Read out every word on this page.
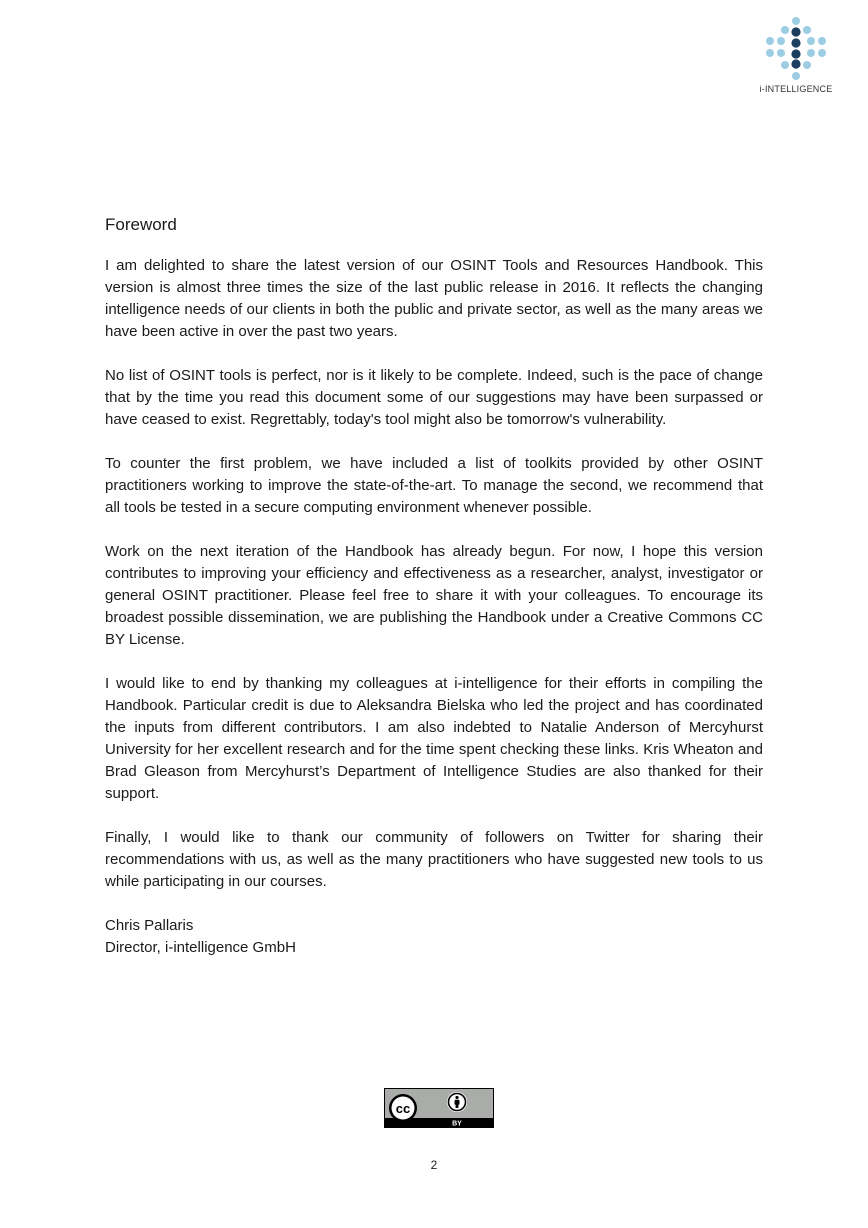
i-INTELLIGENCE
Foreword

I am delighted to share the latest version of our OSINT Tools and Resources Handbook. This version is almost three times the size of the last public release in 2016. It reflects the changing intelligence needs of our clients in both the public and private sector, as well as the many areas we have been active in over the past two years.

No list of OSINT tools is perfect, nor is it likely to be complete. Indeed, such is the pace of change that by the time you read this document some of our suggestions may have been surpassed or have ceased to exist. Regrettably, today's tool might also be tomorrow's vulnerability.

To counter the first problem, we have included a list of toolkits provided by other OSINT practitioners working to improve the state-of-the-art. To manage the second, we recommend that all tools be tested in a secure computing environment whenever possible.

Work on the next iteration of the Handbook has already begun. For now, I hope this version contributes to improving your efficiency and effectiveness as a researcher, analyst, investigator or general OSINT practitioner. Please feel free to share it with your colleagues. To encourage its broadest possible dissemination, we are publishing the Handbook under a Creative Commons CC BY License.

I would like to end by thanking my colleagues at i-intelligence for their efforts in compiling the Handbook. Particular credit is due to Aleksandra Bielska who led the project and has coordinated the inputs from different contributors. I am also indebted to Natalie Anderson of Mercyhurst University for her excellent research and for the time spent checking these links. Kris Wheaton and Brad Gleason from Mercyhurst’s Department of Intelligence Studies are also thanked for their support.

Finally, I would like to thank our community of followers on Twitter for sharing their recommendations with us, as well as the many practitioners who have suggested new tools to us while participating in our courses.

Chris Pallaris
Director, i-intelligence GmbH
cc
BY
2
